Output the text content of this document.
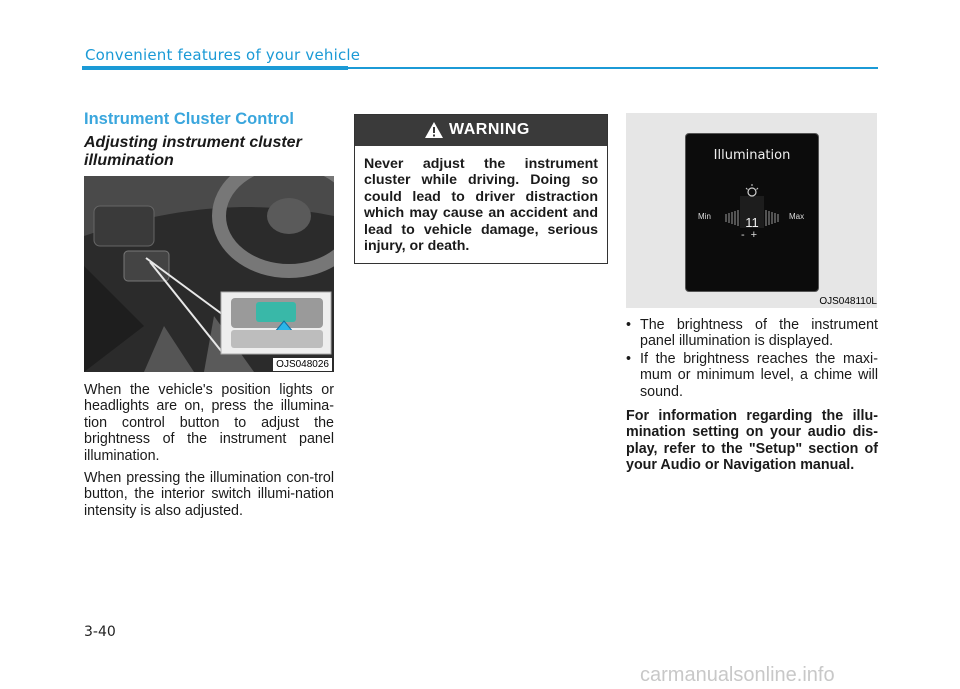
Convenient features of your vehicle
Instrument Cluster Control
Adjusting instrument cluster illumination
OJS048026
When the vehicle's position lights or headlights are on, press the illumina-tion control button to adjust the brightness of the instrument panel illumination.
When pressing the illumination con-trol button, the interior switch illumi-nation intensity is also adjusted.
WARNING
Never adjust the instrument cluster while driving. Doing so could lead to driver distraction which may cause an accident and lead to vehicle damage, serious injury, or death.
Illumination
Min	Max
11
-+
OJS048110L
• The brightness of the instrument panel illumination is displayed.
• If the brightness reaches the maxi-mum or minimum level, a chime will sound.
For information regarding the illu-mination setting on your audio dis-play, refer to the "Setup" section of your Audio or Navigation manual.
3-40
carmanualsonline.info
